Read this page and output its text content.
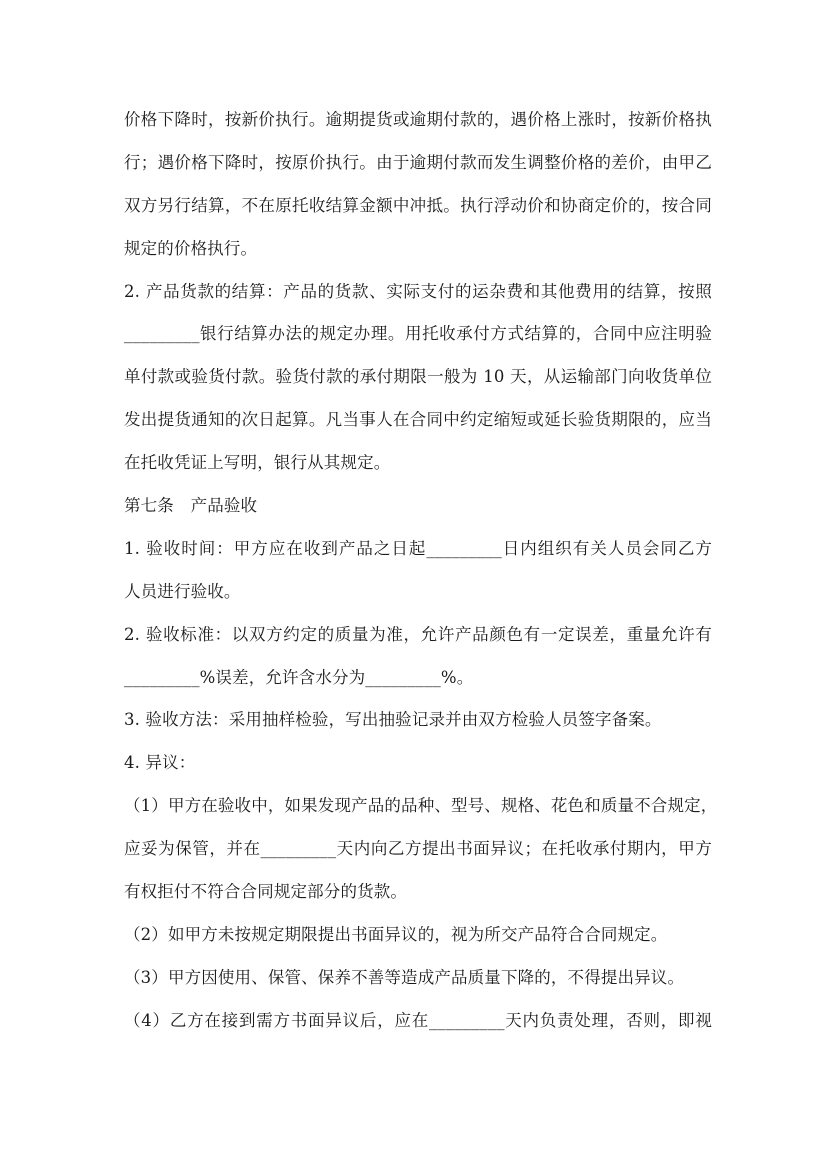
价格下降时，按新价执行。逾期提货或逾期付款的，遇价格上涨时，按新价格执

行；遇价格下降时，按原价执行。由于逾期付款而发生调整价格的差价，由甲乙

双方另行结算，不在原托收结算金额中冲抵。执行浮动价和协商定价的，按合同

规定的价格执行。

2. 产品货款的结算：产品的货款、实际支付的运杂费和其他费用的结算，按照

_________银行结算办法的规定办理。用托收承付方式结算的，合同中应注明验

单付款或验货付款。验货付款的承付期限一般为 10 天，从运输部门向收货单位

发出提货通知的次日起算。凡当事人在合同中约定缩短或延长验货期限的，应当

在托收凭证上写明，银行从其规定。

第七条　产品验收

1. 验收时间：甲方应在收到产品之日起_________日内组织有关人员会同乙方

人员进行验收。

2. 验收标准：以双方约定的质量为准，允许产品颜色有一定误差，重量允许有

_________%误差，允许含水分为_________%。

3. 验收方法：采用抽样检验，写出抽验记录并由双方检验人员签字备案。

4. 异议：

（1）甲方在验收中，如果发现产品的品种、型号、规格、花色和质量不合规定，

应妥为保管，并在_________天内向乙方提出书面异议；在托收承付期内，甲方

有权拒付不符合合同规定部分的货款。

（2）如甲方未按规定期限提出书面异议的，视为所交产品符合合同规定。

（3）甲方因使用、保管、保养不善等造成产品质量下降的，不得提出异议。

（4）乙方在接到需方书面异议后，应在_________天内负责处理，否则，即视
